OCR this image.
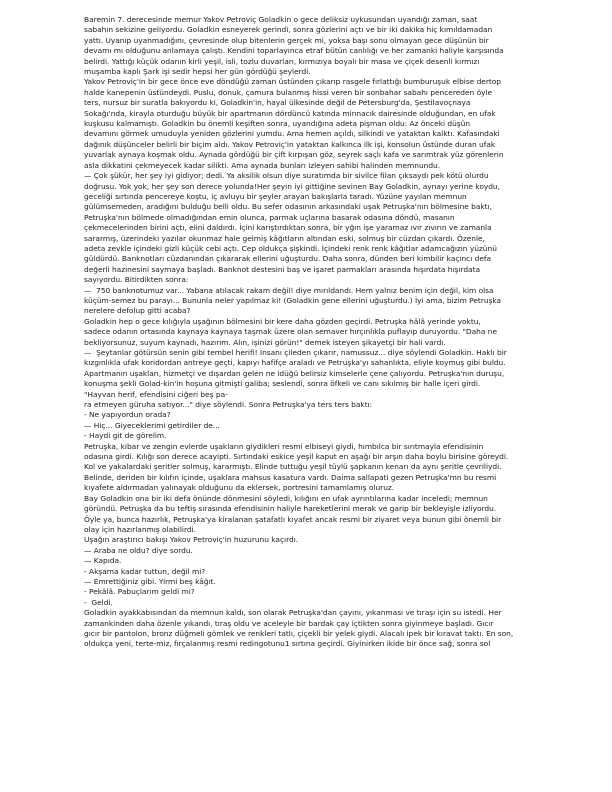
Baremin 7. derecesinde memur Yakov Petroviç Goladkin o gece deliksiz uykusundan uyandığı zaman, saat
sabahın sekizine geliyordu. Goladkin esneyerek gerindi, sonra gözlerini açtı ve bir iki dakika hiç kımıldamadan
yattı. Uyanıp uyanmadığını, çevresinde olup bitenlerin gerçek mi, yoksa başı sonu olmayan gece düşünün bir
devamı mı olduğunu anlamaya çalıştı. Kendini toparlayınca etraf bütün canlılığı ve her zamanki haliyle karşısında
belirdi. Yattığı küçük odanın kirli yeşil, isli, tozlu duvarları, kırmızıya boyalı bir masa ve çiçek desenli kırmızı
muşamba kaplı Şark işi sedir hepsi her gün gördüğü şeylerdi.
Yakov Petroviç'in bir gece önce eve döndüğü zaman üstünden çıkarıp rasgele fırlattığı bumburuşuk elbise dertop
halde kanepenin üstündeydi. Puslu, donuk, çamura bulanmış hissi veren bir sonbahar sabahı pencereden öyle
ters, nursuz bir suratla bakıyordu ki, Goladkin'in, hayal ülkesinde değil de Petersburg'da, Şestilavoçnaya
Sokağı'nda, kirayla oturduğu büyük bir apartmanın dördüncü katında minnacık dairesinde olduğundan, en ufak
kuşkusu kalmamıştı. Goladkin bu önemli keşiften sonra, uyandığına adeta pişman oldu: Az önceki düşün
devamını görmek umuduyla yeniden gözlerini yumdu. Ama hemen açıldı, silkindi ve yataktan kalktı. Kafasındaki
dağınık düşünceler belirli bir biçim aldı. Yakov Petroviç'in yataktan kalkınca ilk işi, konsolun üstünde duran ufak
yuvarlak aynaya koşmak oldu. Aynada gördüğü bir çift kırpışan göz, seyrek saçlı kafa ve sarımtrak yüz görenlerin
asla dikkatini çekmeyecek kadar silikti. Ama aynada bunları izleyen sahibi halinden memnundu.
— Çok şükür, her şey iyi gidiyor; dedi. Ya aksilik olsun diye suratımda bir sivilce filan çıksaydı pek kötü olurdu
doğrusu. Yok yok, her şey son derece yolunda!Her şeyin iyi gittiğine sevinen Bay Goladkin, aynayı yerine koydu,
geceliği sırtında pencereye koştu, iç avluyu bir şeyler arayan bakışlarla taradı. Yüzüne yayılan memnun
gülümsemeden, aradığını bulduğu belli oldu. Bu sefer odasının arkasındaki uşak Petruşka'nın bölmesine baktı,
Petruşka'nın bölmede olmadığından emin olunca, parmak uçlarına basarak odasına döndü, masanın
çekmecelerinden birini açtı, elini daldırdı. İçini karıştırdıktan sonra, bir yğın işe yaramaz ıvır zıvırın ve zamanla
sararmış, üzerindeki yazılar okunmaz hale gelmiş kâğıtların altından eski, solmuş bir cüzdan çıkardı. Özenle,
adeta zevkle içindeki gizli küçük cebi açtı. Cep oldukça şişkindi. İçindeki renk renk kâğıtlar adamcağızın yüzünü
güldürdü. Banknotları cüzdanından çıkararak ellerini uğuşturdu. Daha sonra, dünden beri kimbilir kaçıncı defa
değerli hazinesini saymaya başladı. Banknot destesini baş ve işaret parmakları arasında hışırdata hışırdata
sayıyordu. Bitirdikten sonra:
—  750 banknotumuz var... Yabana atılacak rakam değil! diye mırıldandı. Hem yalnız benim için değil, kim olsa
küçüm-semez bu parayı... Bununla neler yapılmaz ki! (Goladkin gene ellerini uğuşturdu.) İyi ama, bizim Petruşka
nerelere defolup gitti acaba?
Goladkin hep o gece kılığıyla uşağının bölmesini bir kere daha gözden geçirdi. Petruşka hâlâ yerinde yoktu,
sadece odanın ortasında kaynaya kaynaya taşmak üzere olan semaver hırçınlıkla puflayıp duruyordu. "Daha ne
bekliyorsunuz, suyum kaynadı, hazırım. Alın, işinizi görün!" demek isteyen şikayetçi bir hali vardı.
—  Şeytanlar götürsün senin gibi tembel herifi! İnsanı çileden çıkarır, namussuz... diye söylendi Goladkin. Haklı bir
kızgınlıkla ufak koridordan antreye geçti, kapıyı hafifçe araladı ve Petruşka'yı sahanlıkta, eliyle koymuş gibi buldu.
Apartmanın uşakları, hizmetçi ve dışardan gelen ne idüğü belirsiz kimselerle çene çalıyordu. Petruşka'nın duruşu,
konuşma şekli Golad-kin'in hoşuna gitmişti galiba; seslendi, sonra öfkeli ve canı sıkılmış bir halle içeri girdi.
"Hayvan herif, efendisini ciğeri beş pa-
ra etmeyen güruha satıyor..." diye söylendi. Sonra Petruşka'ya ters ters baktı:
- Ne yapıyordun orada?
— Hiç... Giyeceklerimi getirdiler de...
- Haydi git de görelim.
Petruşka, kibar ve zengin evlerde uşakların giydikleri resmi elbiseyi giydi, hımbılca bir sırıtmayla efendisinin
odasına girdi. Kılığı son derece acayipti. Sırtındaki eskice yeşil kaput en aşağı bir arşın daha boylu birisine göreydi.
Kol ve yakalardaki şeritler solmuş, kararmıştı. Elinde tuttuğu yeşil tüylü şapkanın kenarı da aynı şeritle çevriliydi.
Belinde, deriden bir kılıfın içinde, uşaklara mahsus kasatura vardı. Daima sallapati gezen Petruşka'mn bu resmi
kıyafete aldırmadan yalınayak olduğunu da eklersek, portresini tamamlamış oluruz.
Bay Goladkin ona bir iki defa önünde dönmesini söyledi, kılığını en ufak ayrıntılarına kadar inceledi; memnun
göründü. Petruşka da bu teftiş sırasında efendisinin haliyle hareketlerini merak ve garip bir bekleyişle izliyordu.
Öyle ya, bunca hazırlık, Petruşka'ya kiralanan şatafatlı kıyafet ancak resmi bir ziyaret veya bunun gibi önemli bir
olay için hazırlanmış olabilirdi.
Uşağın araştırıcı bakışı Yakov Petroviç'in huzurunu kaçırdı.
— Araba ne oldu? diye sordu.
— Kapıda.
- Akşama kadar tuttun, değil mi?
— Emrettiğiniz gibi. Yirmi beş kâğıt.
- Pekâlâ. Pabuçlarım geldi mi?
-  Geldi.
Goladkin ayakkabısından da memnun kaldı, son olarak Petruşka'dan çayını, yıkanması ve tıraşı için su istedi. Her
zamankinden daha özenle yıkandı, tıraş oldu ve aceleyle bir bardak çay içtikten sonra giyinmeye başladı. Gıcır
gıcır bir pantolon, bronz düğmeli gömlek ve renkleri tatlı, çiçekli bir yelek giydi. Alacalı ipek bir kıravat taktı. En son,
oldukça yeni, terte-miz, fırçalanmış resmi redingotunu1 sırtına geçirdi. Giyinirken ikide bir önce sağ, sonra sol
